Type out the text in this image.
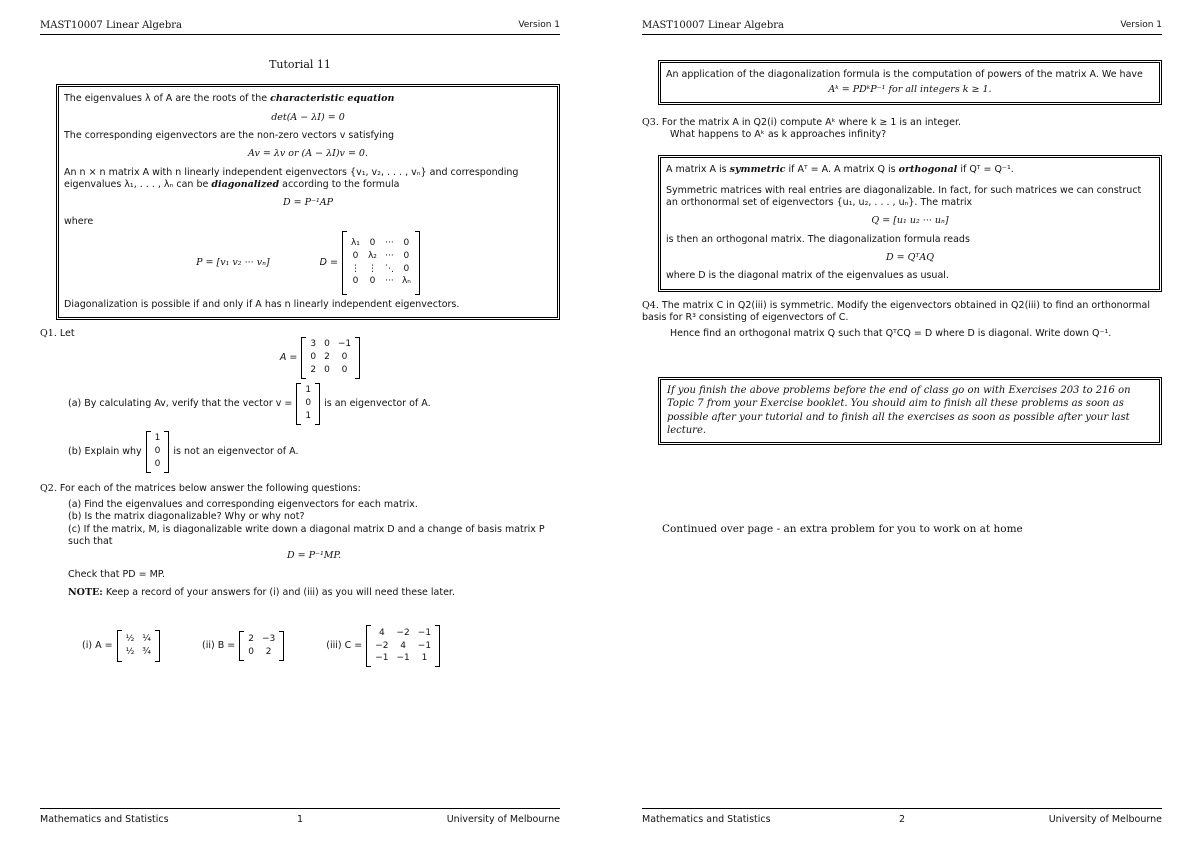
MAST10007 Linear Algebra	Version 1
Tutorial 11

The eigenvalues λ of A are the roots of the characteristic equation

det(A − λI) = 0

The corresponding eigenvectors are the non-zero vectors v satisfying

Av = λv or (A − λI)v = 0.

An n × n matrix A with n linearly independent eigenvectors {v₁, v₂, . . . , vₙ} and corresponding eigenvalues λ₁, . . . , λₙ can be diagonalized according to the formula

D = P⁻¹AP

where

P = [v₁ v₂ ··· vₙ]	D =
λ₁ 0 ··· 0
0 λ₂ ··· 0
⋮ ⋮ ⋱ 0
0 0 ··· λₙ

Diagonalization is possible if and only if A has n linearly independent eigenvectors.

Q1. Let
A =
3 0 −1
0 2	0
2 0	0
(a) By calculating Av, verify that the vector v =
1
0
1
is an eigenvector of A.
(b) Explain why
1
0
0
is not an eigenvector of A.
Q2. For each of the matrices below answer the following questions:
(a) Find the eigenvalues and corresponding eigenvectors for each matrix.
(b) Is the matrix diagonalizable? Why or why not?
(c) If the matrix, M, is diagonalizable write down a diagonal matrix D and a change of basis matrix P such that
D = P⁻¹MP.
Check that PD = MP.
NOTE: Keep a record of your answers for (i) and (iii) as you will need these later.
(i) A =
½ ¼
½ ¾
(ii) B =
2 −3
0	2
(iii) C =
4	−2 −1
−2	4	−1
−1 −1	1
Mathematics and Statistics	1	University of Melbourne
MAST10007 Linear Algebra	Version 1

An application of the diagonalization formula is the computation of powers of the matrix A. We have

Aᵏ = PDᵏP⁻¹ for all integers k ≥ 1.
Q3. For the matrix A in Q2(i) compute Aᵏ where k ≥ 1 is an integer.
What happens to Aᵏ as k approaches infinity?

A matrix A is symmetric if Aᵀ = A. A matrix Q is orthogonal if Qᵀ = Q⁻¹.

Symmetric matrices with real entries are diagonalizable. In fact, for such matrices we can construct an orthonormal set of eigenvectors {u₁, u₂, . . . , uₙ}. The matrix

Q = [u₁ u₂ ··· uₙ]

is then an orthogonal matrix. The diagonalization formula reads

D = QᵀAQ

where D is the diagonal matrix of the eigenvalues as usual.

Q4. The matrix C in Q2(iii) is symmetric. Modify the eigenvectors obtained in Q2(iii) to find an orthonormal basis for R³ consisting of eigenvectors of C.
Hence find an orthogonal matrix Q such that QᵀCQ = D where D is diagonal. Write down Q⁻¹.
If you finish the above problems before the end of class go on with Exercises 203 to 216 on Topic 7 from your Exercise booklet. You should aim to finish all these problems as soon as possible after your tutorial and to finish all the exercises as soon as possible after your last lecture.
Continued over page - an extra problem for you to work on at home
Mathematics and Statistics	2	University of Melbourne
